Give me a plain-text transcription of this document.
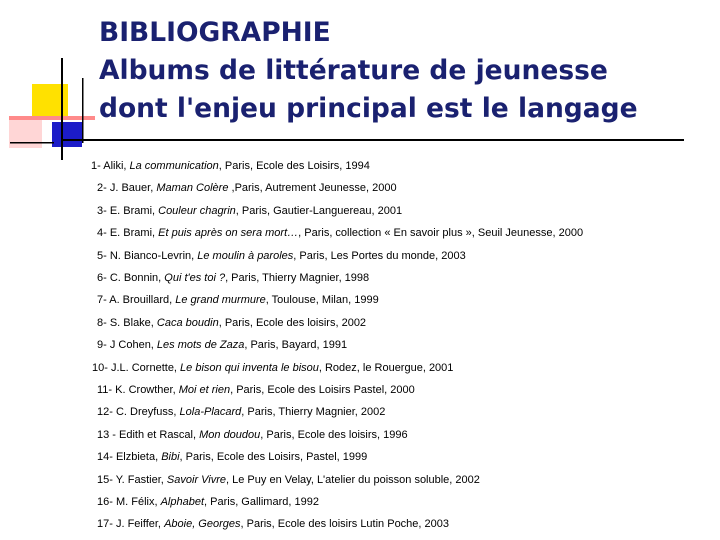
BIBLIOGRAPHIE
Albums de littérature de jeunesse
dont l'enjeu principal est le langage
1- Aliki, La communication, Paris, Ecole des Loisirs, 1994
2- J. Bauer, Maman Colère ,Paris, Autrement Jeunesse, 2000
3- E. Brami, Couleur chagrin, Paris, Gautier-Languereau, 2001
4- E. Brami, Et puis après on sera mort…, Paris, collection « En savoir plus », Seuil Jeunesse, 2000
5- N. Bianco-Levrin, Le moulin à paroles, Paris, Les Portes du monde, 2003
6- C. Bonnin, Qui t'es toi ?, Paris, Thierry Magnier, 1998
7- A. Brouillard, Le grand murmure, Toulouse, Milan, 1999
8- S. Blake, Caca boudin, Paris, Ecole des loisirs, 2002
9- J Cohen, Les mots de Zaza, Paris, Bayard, 1991
10- J.L. Cornette, Le bison qui inventa le bisou, Rodez, le Rouergue, 2001
11- K. Crowther, Moi et rien, Paris, Ecole des Loisirs Pastel, 2000
12- C. Dreyfuss, Lola-Placard, Paris, Thierry Magnier, 2002
13 - Edith et Rascal, Mon doudou, Paris, Ecole des loisirs, 1996
14- Elzbieta, Bibi, Paris, Ecole des Loisirs, Pastel, 1999
15- Y. Fastier, Savoir Vivre, Le Puy en Velay, L'atelier du poisson soluble, 2002
16- M. Félix, Alphabet, Paris, Gallimard, 1992
17- J. Feiffer, Aboie, Georges, Paris, Ecole des loisirs Lutin Poche, 2003
